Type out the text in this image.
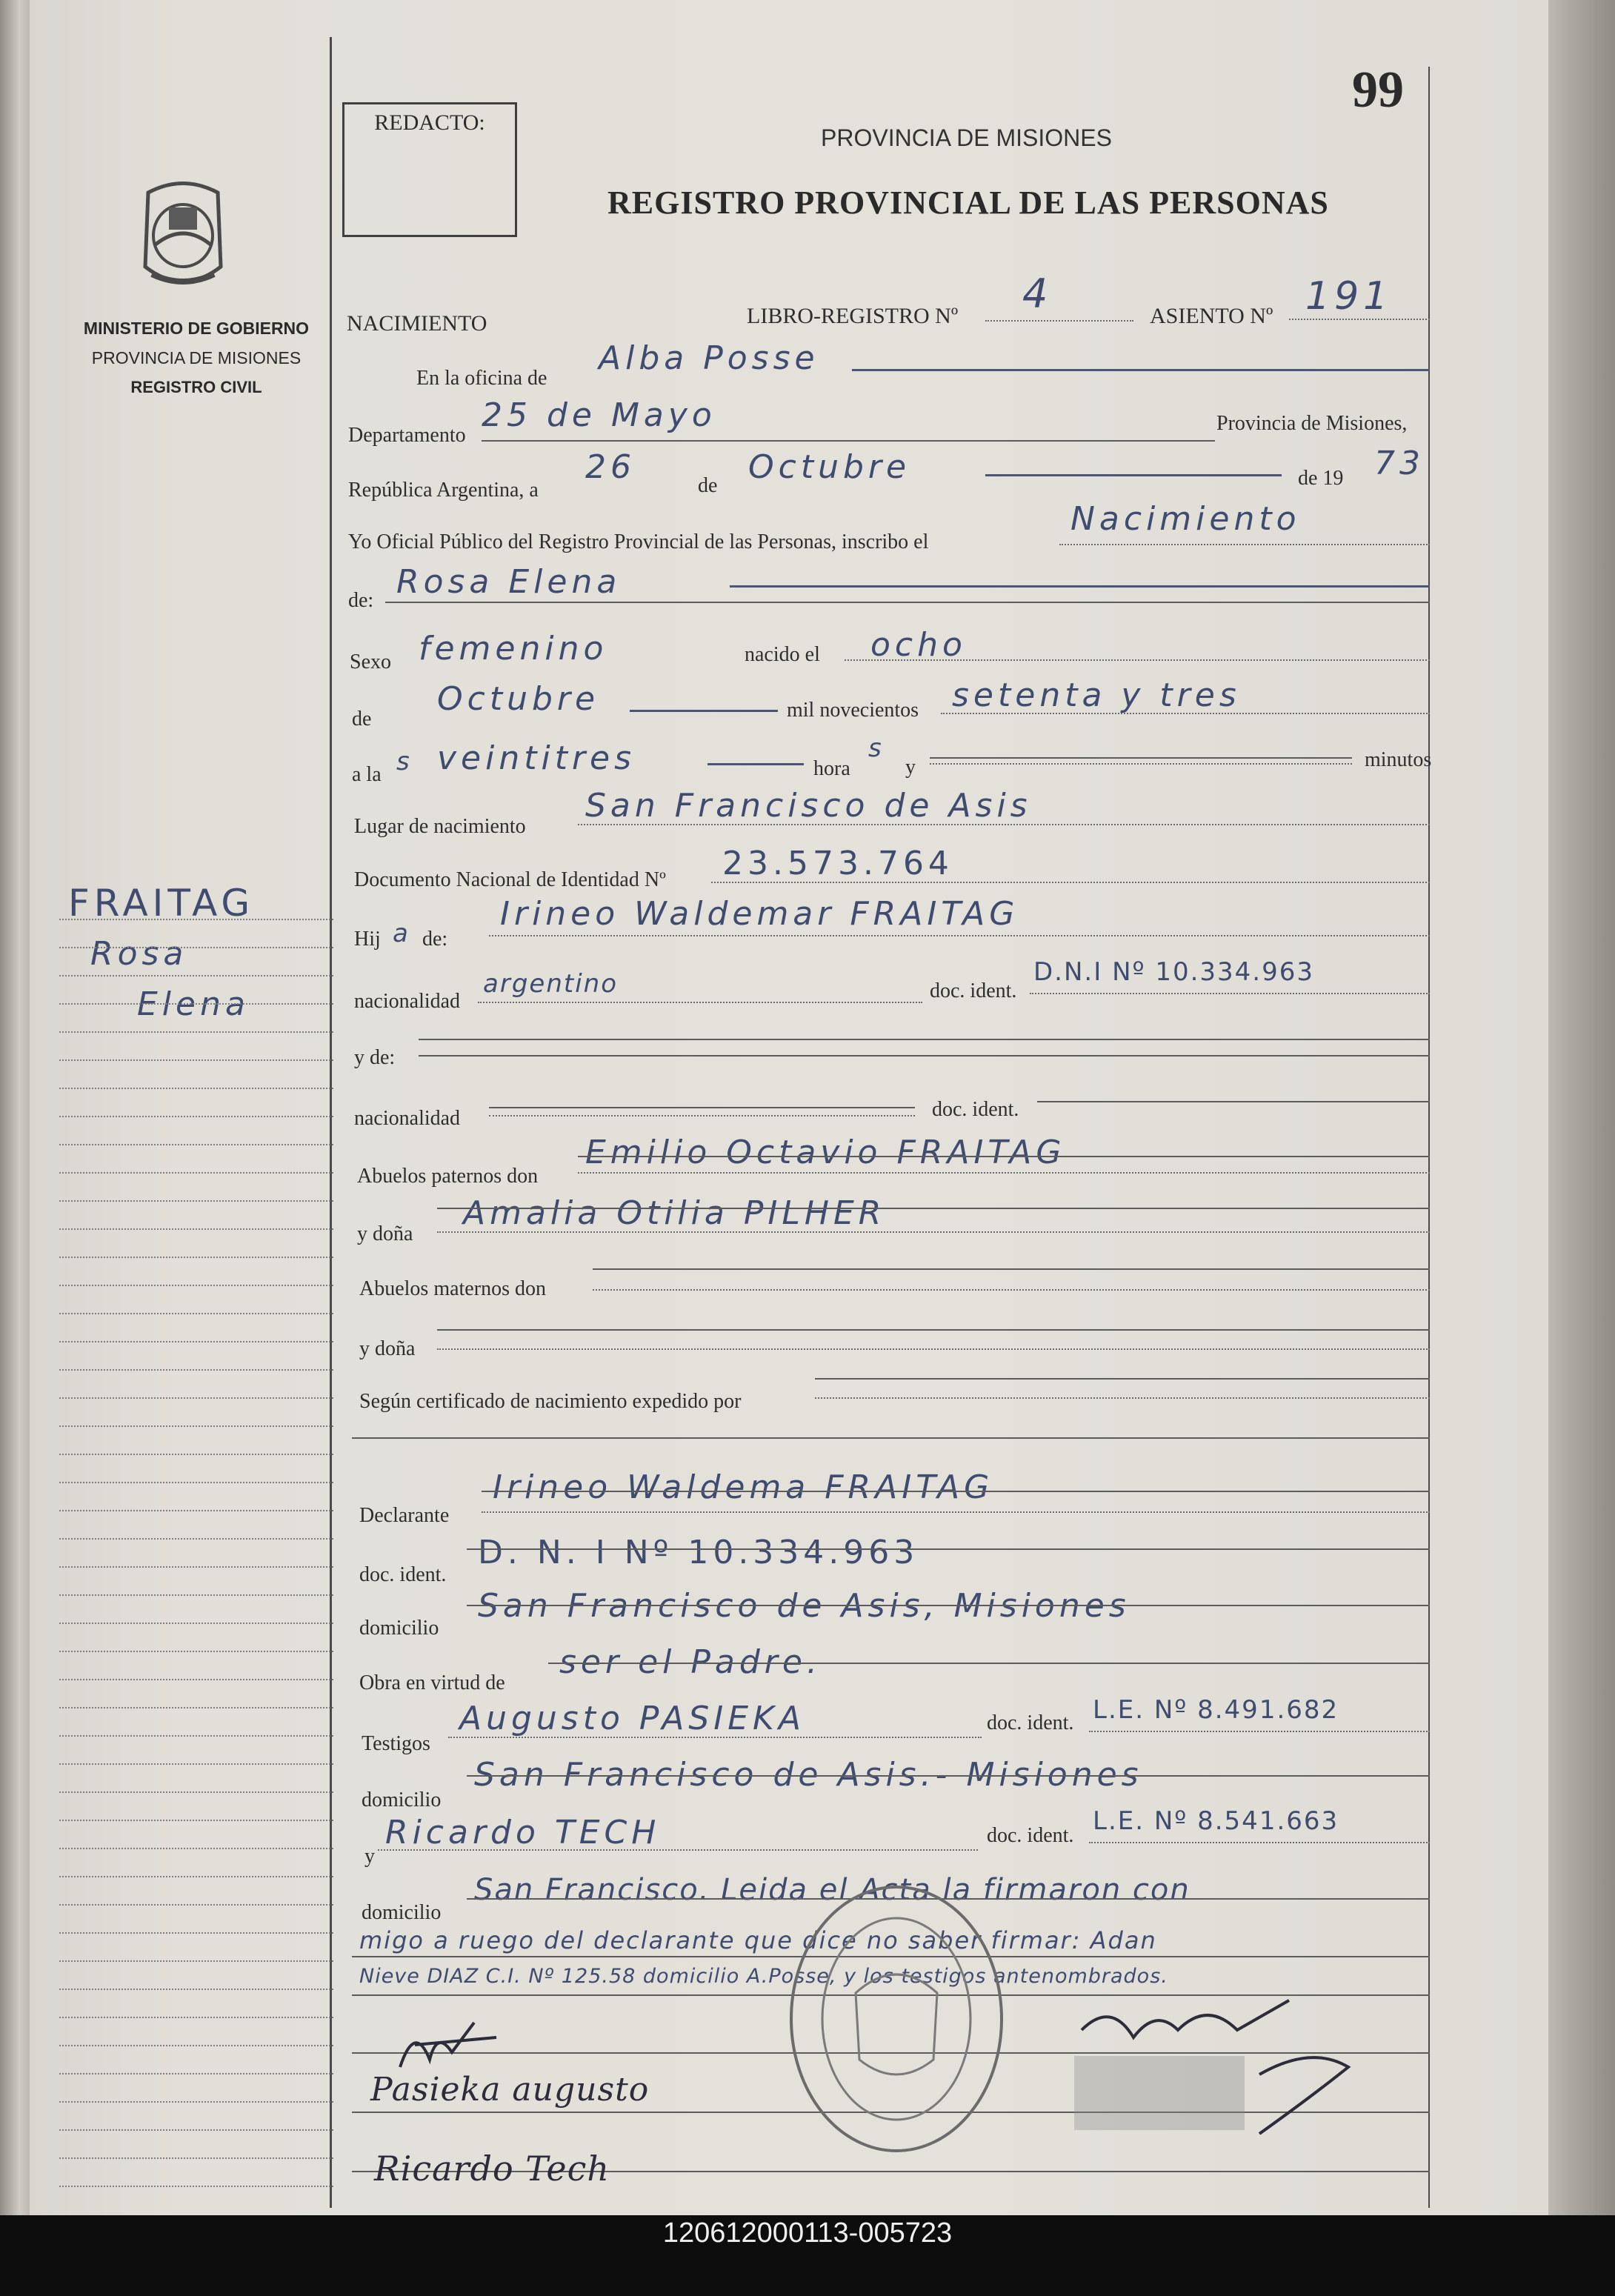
MINISTERIO DE GOBIERNO
PROVINCIA DE MISIONES
REGISTRO CIVIL
FRAITAG
Rosa
Elena
REDACTO:
99
PROVINCIA DE MISIONES
REGISTRO PROVINCIAL DE LAS PERSONAS
NACIMIENTO	LIBRO-REGISTRO Nº 4	ASIENTO Nº 191
En la oficina de
Alba Posse
Departamento
25 de Mayo	Provincia de Misiones,
República Argentina, a
26	de Octubre	de 19 73
Yo Oficial Público del Registro Provincial de las Personas, inscribo el
Nacimiento
de: Rosa Elena
Sexo femenino	nacido el ocho
de
Octubre	mil novecientos setenta y tres
a la s veintitres	hora
s
y	minutos
Lugar de nacimiento
San Francisco de Asis
Documento Nacional de Identidad Nº 23.573.764
Hij a de:
Irineo Waldemar FRAITAG
nacionalidad
argentino	doc. ident.
D.N.I Nº 10.334.963
y de:
nacionalidad	doc. ident.
Abuelos paternos don
Emilio Octavio FRAITAG
y doña
Amalia Otilia PILHER
Abuelos maternos don
y doña
Según certificado de nacimiento expedido por
Declarante
Irineo Waldema FRAITAG
doc. ident.
D. N. I Nº 10.334.963
domicilio
San Francisco de Asis, Misiones
Obra en virtud de
ser el Padre.
Testigos
Augusto PASIEKA	doc. ident. L.E. Nº 8.491.682
domicilio
San Francisco de Asis.- Misiones
y
Ricardo TECH	doc. ident. L.E. Nº 8.541.663
domicilio
San Francisco. Leida el Acta la firmaron con
migo a ruego del declarante que dice no saber firmar: Adan
Nieve DIAZ C.I. Nº 125.58 domicilio A.Posse, y los testigos antenombrados.
Pasieka augusto
Ricardo Tech
120612000113-005723
